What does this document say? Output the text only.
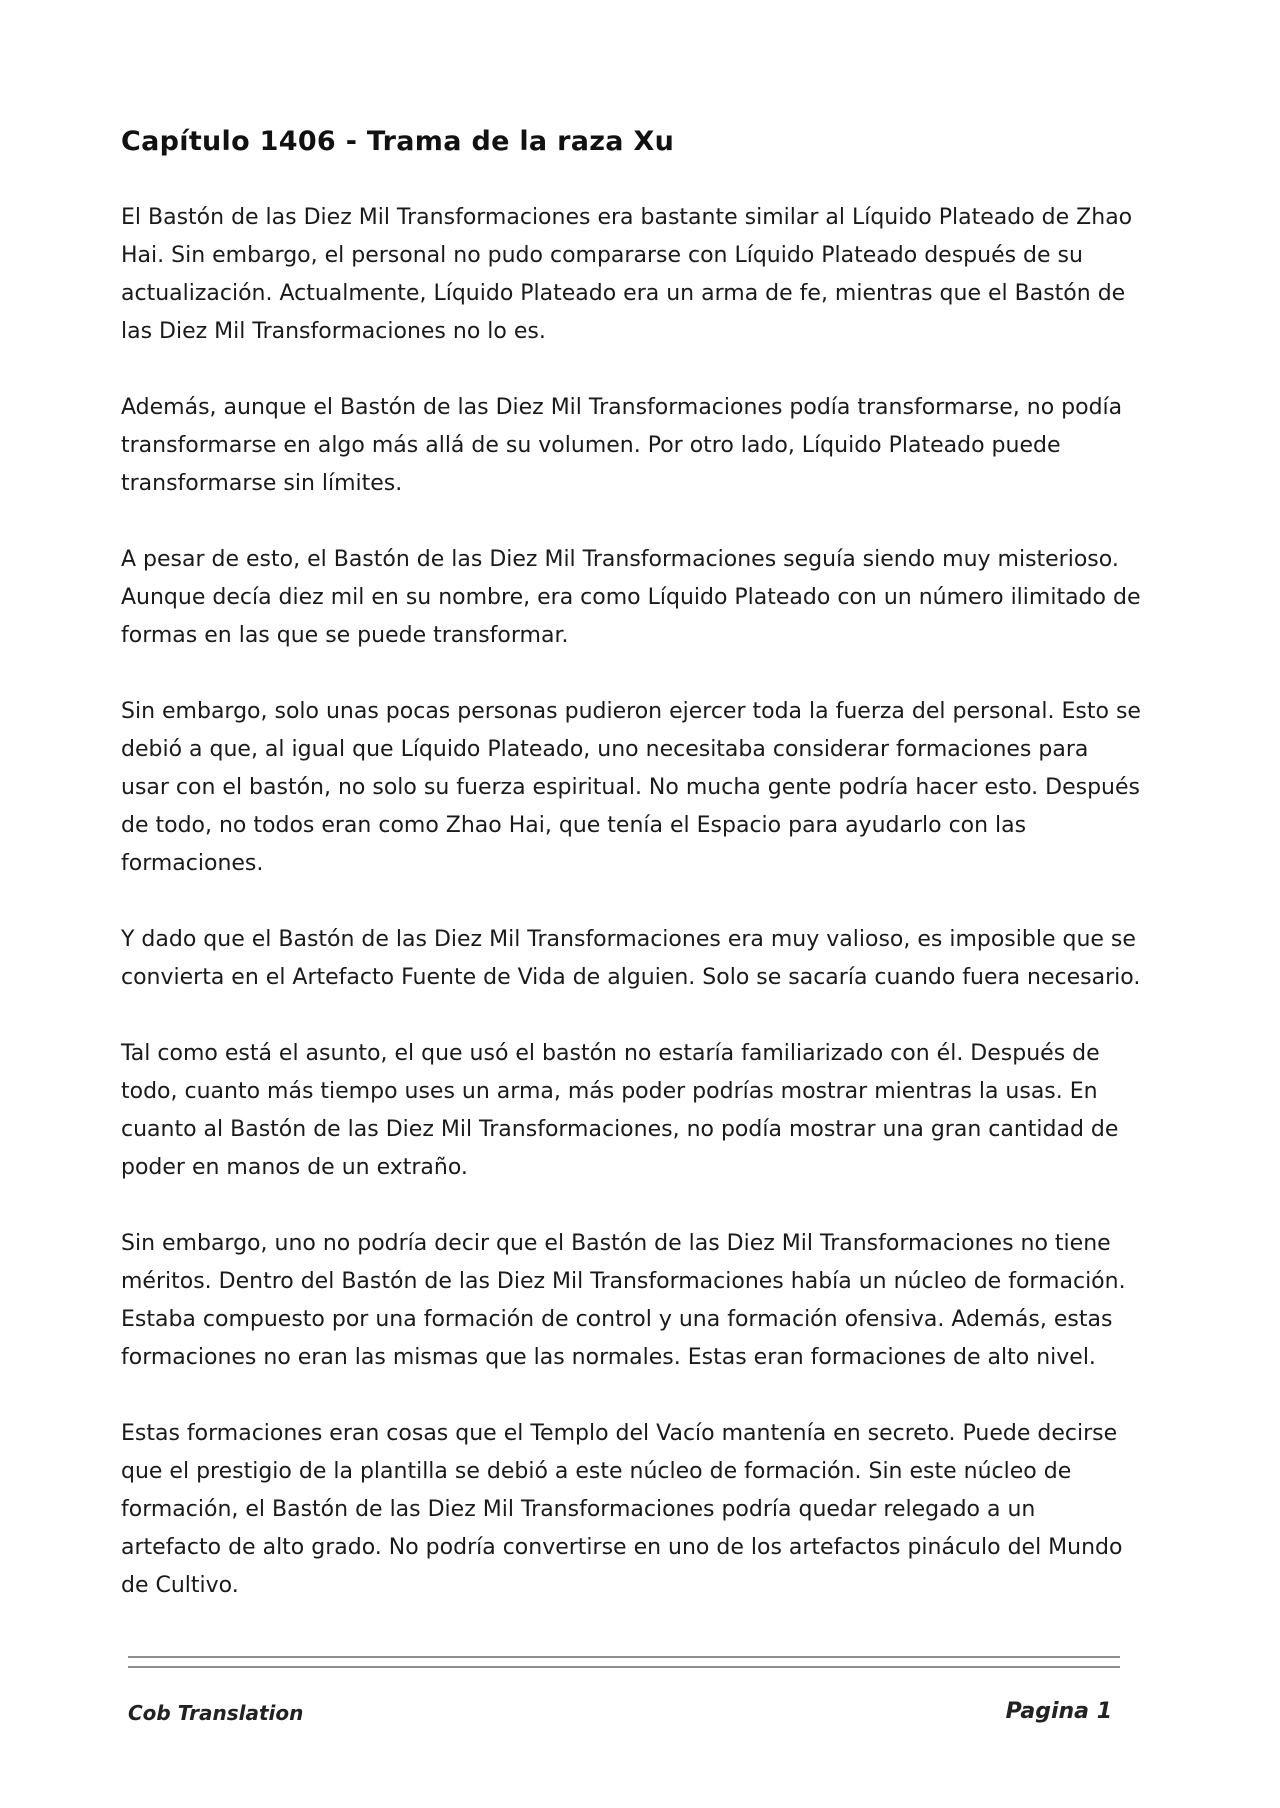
Capítulo 1406 - Trama de la raza Xu

El Bastón de las Diez Mil Transformaciones era bastante similar al Líquido Plateado de Zhao Hai. Sin embargo, el personal no pudo compararse con Líquido Plateado después de su actualización. Actualmente, Líquido Plateado era un arma de fe, mientras que el Bastón de las Diez Mil Transformaciones no lo es.

Además, aunque el Bastón de las Diez Mil Transformaciones podía transformarse, no podía transformarse en algo más allá de su volumen. Por otro lado, Líquido Plateado puede transformarse sin límites.

A pesar de esto, el Bastón de las Diez Mil Transformaciones seguía siendo muy misterioso. Aunque decía diez mil en su nombre, era como Líquido Plateado con un número ilimitado de formas en las que se puede transformar.

Sin embargo, solo unas pocas personas pudieron ejercer toda la fuerza del personal. Esto se debió a que, al igual que Líquido Plateado, uno necesitaba considerar formaciones para usar con el bastón, no solo su fuerza espiritual. No mucha gente podría hacer esto. Después de todo, no todos eran como Zhao Hai, que tenía el Espacio para ayudarlo con las formaciones.

Y dado que el Bastón de las Diez Mil Transformaciones era muy valioso, es imposible que se convierta en el Artefacto Fuente de Vida de alguien. Solo se sacaría cuando fuera necesario.

Tal como está el asunto, el que usó el bastón no estaría familiarizado con él. Después de todo, cuanto más tiempo uses un arma, más poder podrías mostrar mientras la usas. En cuanto al Bastón de las Diez Mil Transformaciones, no podía mostrar una gran cantidad de poder en manos de un extraño.

Sin embargo, uno no podría decir que el Bastón de las Diez Mil Transformaciones no tiene méritos. Dentro del Bastón de las Diez Mil Transformaciones había un núcleo de formación. Estaba compuesto por una formación de control y una formación ofensiva. Además, estas formaciones no eran las mismas que las normales. Estas eran formaciones de alto nivel.

Estas formaciones eran cosas que el Templo del Vacío mantenía en secreto. Puede decirse que el prestigio de la plantilla se debió a este núcleo de formación. Sin este núcleo de formación, el Bastón de las Diez Mil Transformaciones podría quedar relegado a un artefacto de alto grado. No podría convertirse en uno de los artefactos pináculo del Mundo de Cultivo.

Cob Translation	Pagina 1
